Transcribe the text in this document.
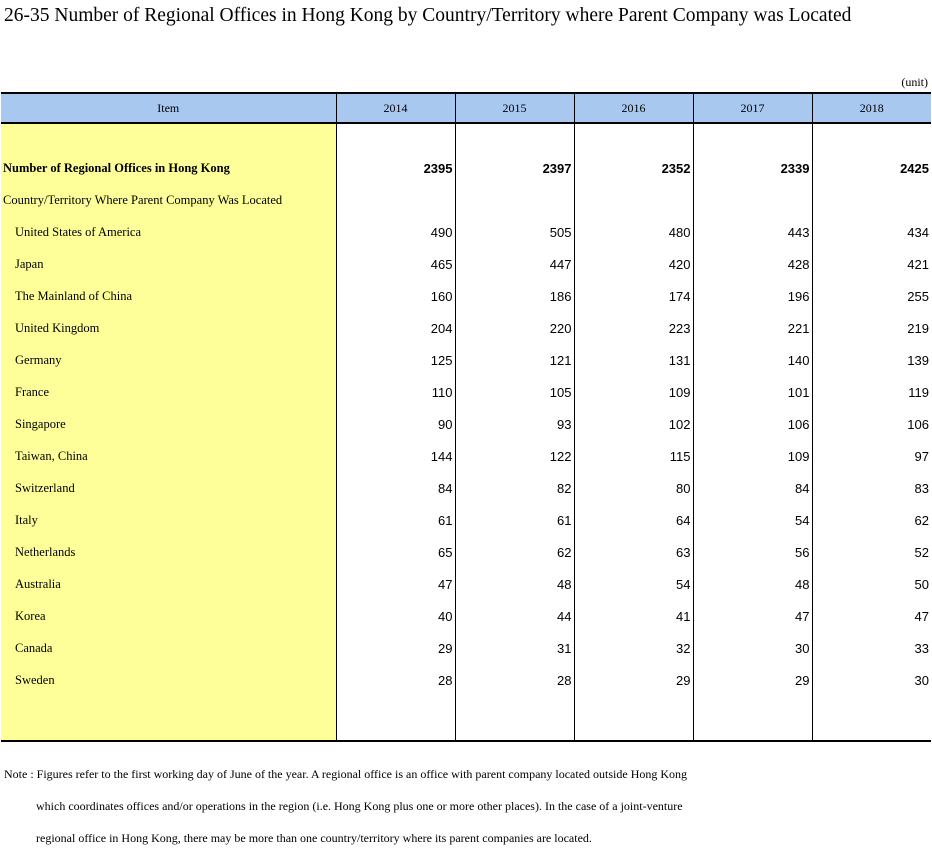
26-35 Number of Regional Offices in Hong Kong by Country/Territory where Parent Company was Located
(unit)
Item	2014	2015	2016	2017	2018

Number of Regional Offices in Hong Kong	2395	2397	2352	2339	2425
Country/Territory Where Parent Company Was Located					
United States of America	490	505	480	443	434
Japan	465	447	420	428	421
The Mainland of China	160	186	174	196	255
United Kingdom	204	220	223	221	219
Germany	125	121	131	140	139
France	110	105	109	101	119
Singapore	90	93	102	106	106
Taiwan, China	144	122	115	109	97
Switzerland	84	82	80	84	83
Italy	61	61	64	54	62
Netherlands	65	62	63	56	52
Australia	47	48	54	48	50
Korea	40	44	41	47	47
Canada	29	31	32	30	33
Sweden	28	28	29	29	30

Note : Figures refer to the first working day of June of the year. A regional office is an office with parent company located outside Hong Kong
which coordinates offices and/or operations in the region (i.e. Hong Kong plus one or more other places). In the case of a joint-venture
regional office in Hong Kong, there may be more than one country/territory where its parent companies are located.
